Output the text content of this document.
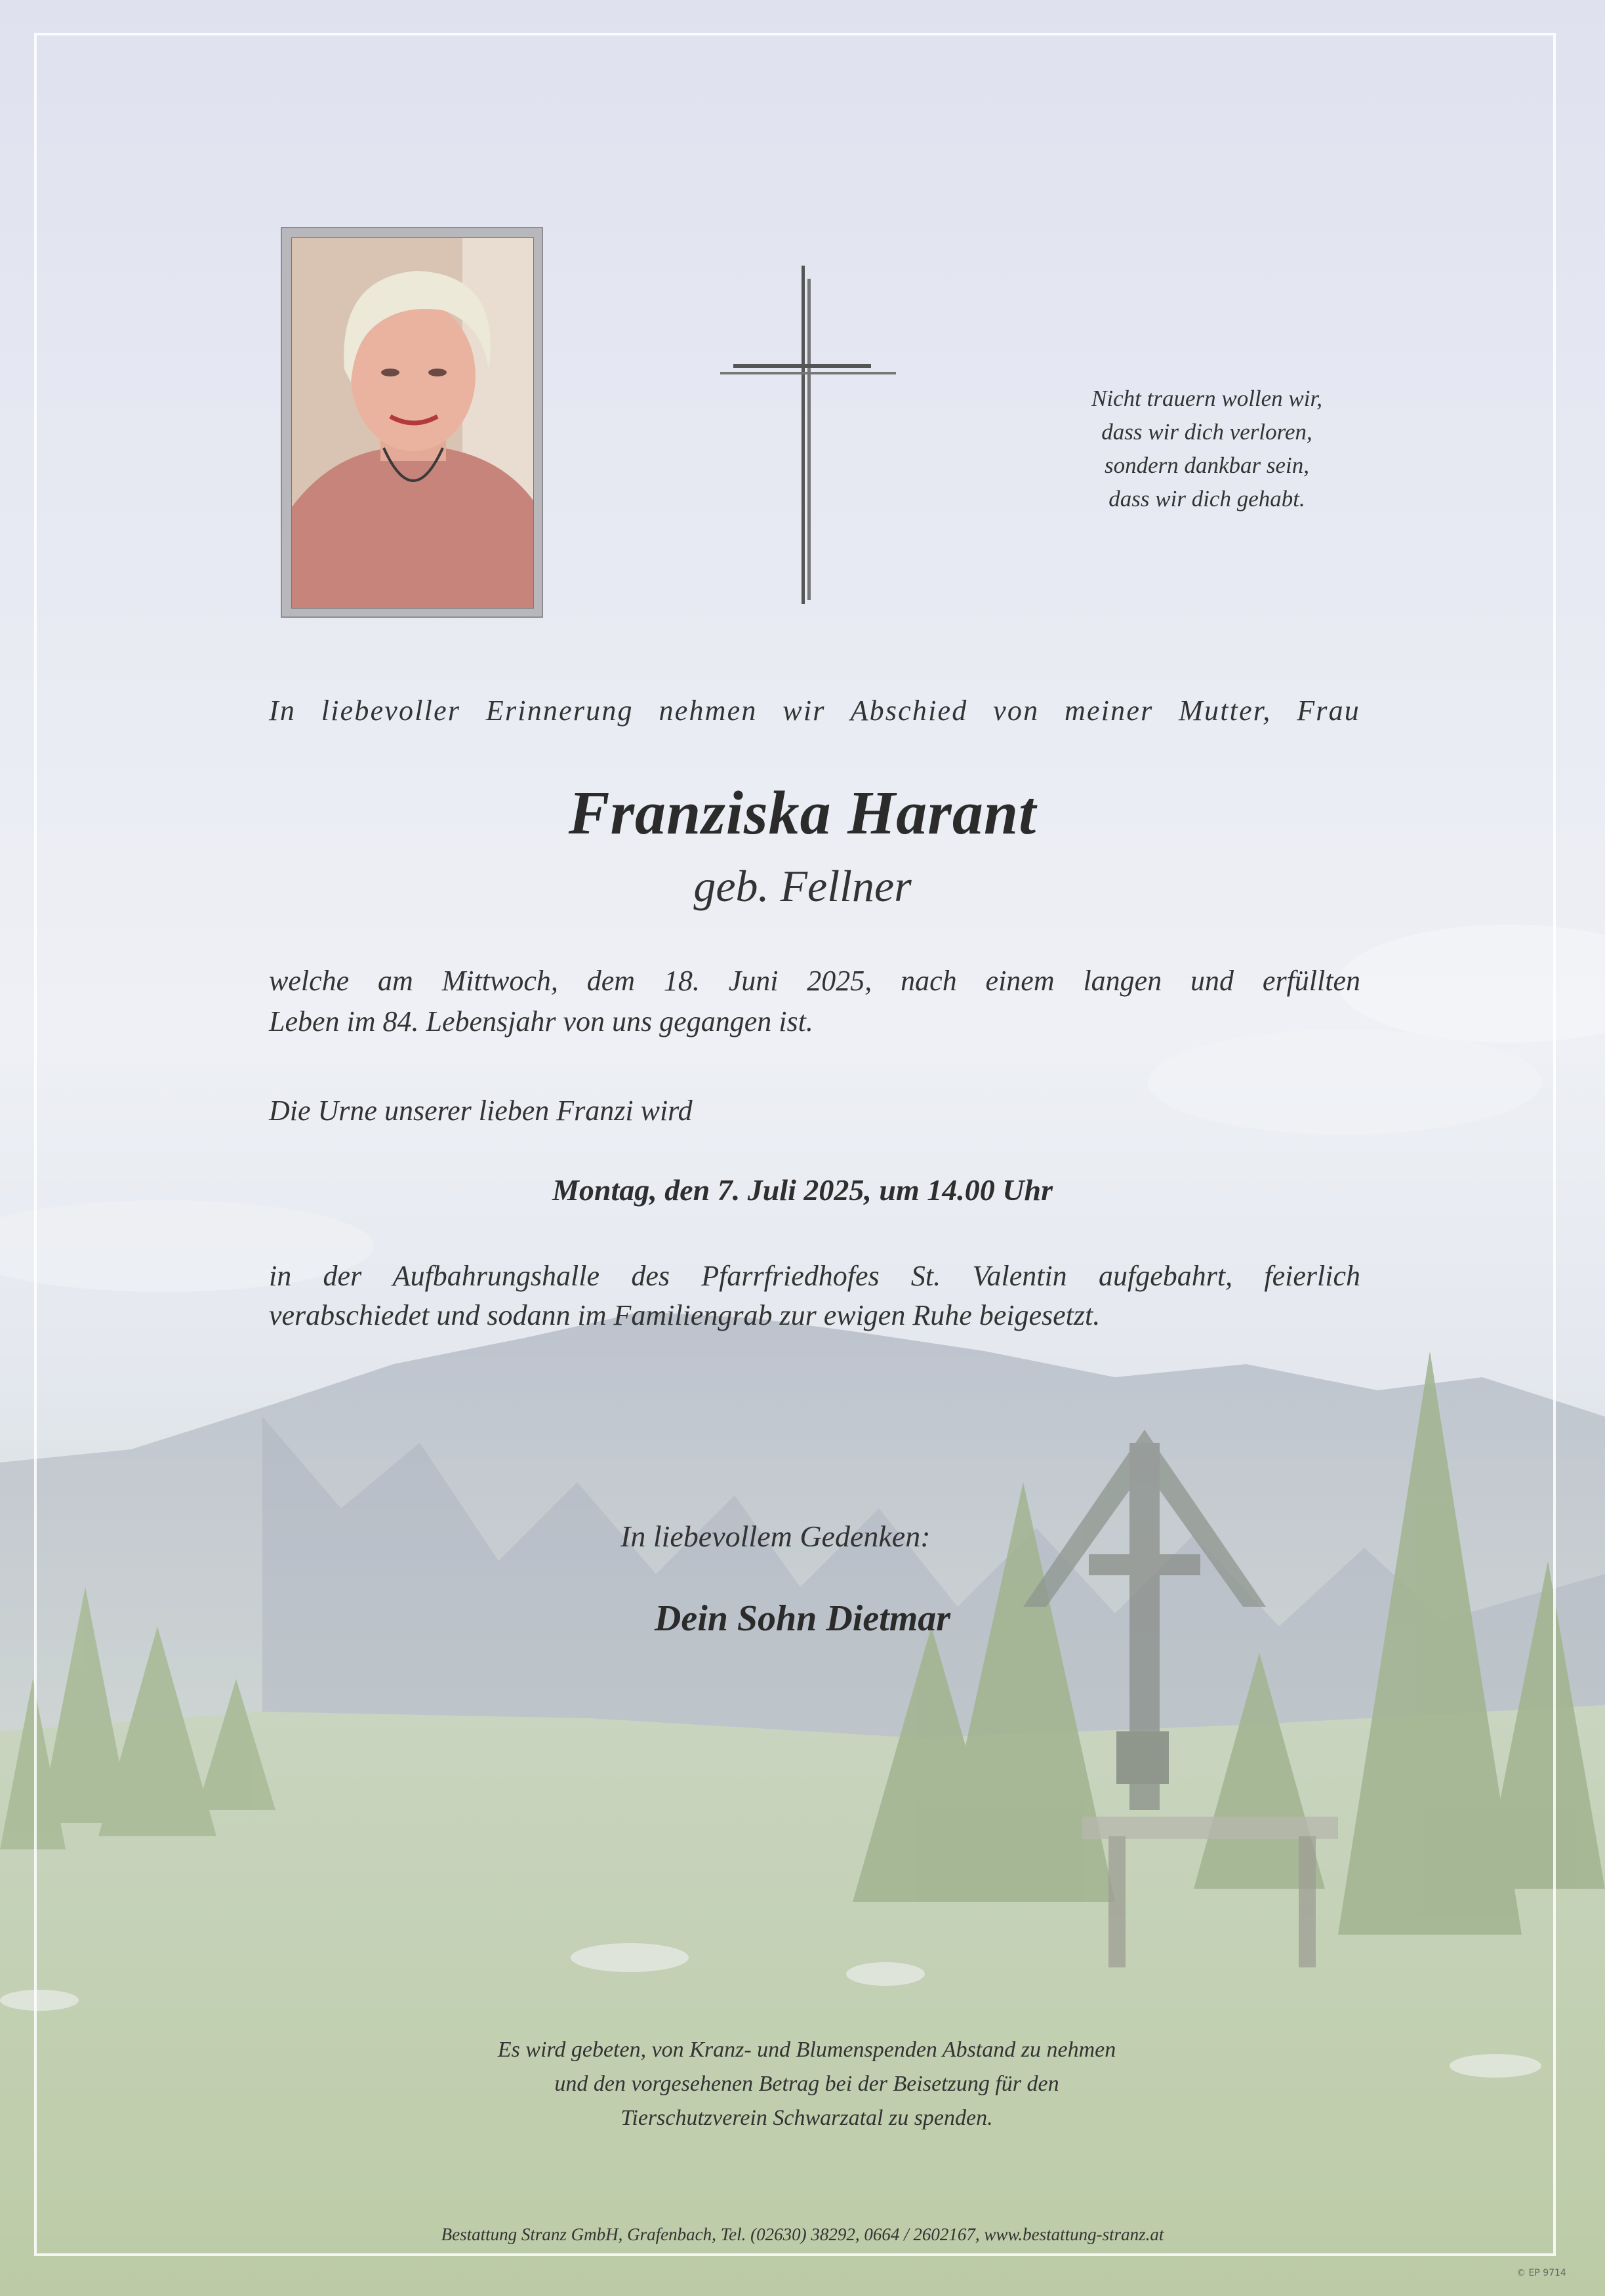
Nicht trauern wollen wir,
dass wir dich verloren,
sondern dankbar sein,
dass wir dich gehabt.
In liebevoller Erinnerung nehmen wir Abschied von meiner Mutter, Frau
Franziska Harant
geb. Fellner
welche am Mittwoch, dem 18. Juni 2025, nach einem langen und erfüllten
Leben im 84. Lebensjahr von uns gegangen ist.
Die Urne unserer lieben Franzi wird
Montag, den 7. Juli 2025, um 14.00 Uhr
in der Aufbahrungshalle des Pfarrfriedhofes St. Valentin aufgebahrt, feierlich
verabschiedet und sodann im Familiengrab zur ewigen Ruhe beigesetzt.
In liebevollem Gedenken:
Dein Sohn Dietmar
Es wird gebeten, von Kranz- und Blumenspenden Abstand zu nehmen
und den vorgesehenen Betrag bei der Beisetzung für den
Tierschutzverein Schwarzatal zu spenden.
Bestattung Stranz GmbH, Grafenbach, Tel. (02630) 38292, 0664 / 2602167, www.bestattung-stranz.at
© EP 9714
